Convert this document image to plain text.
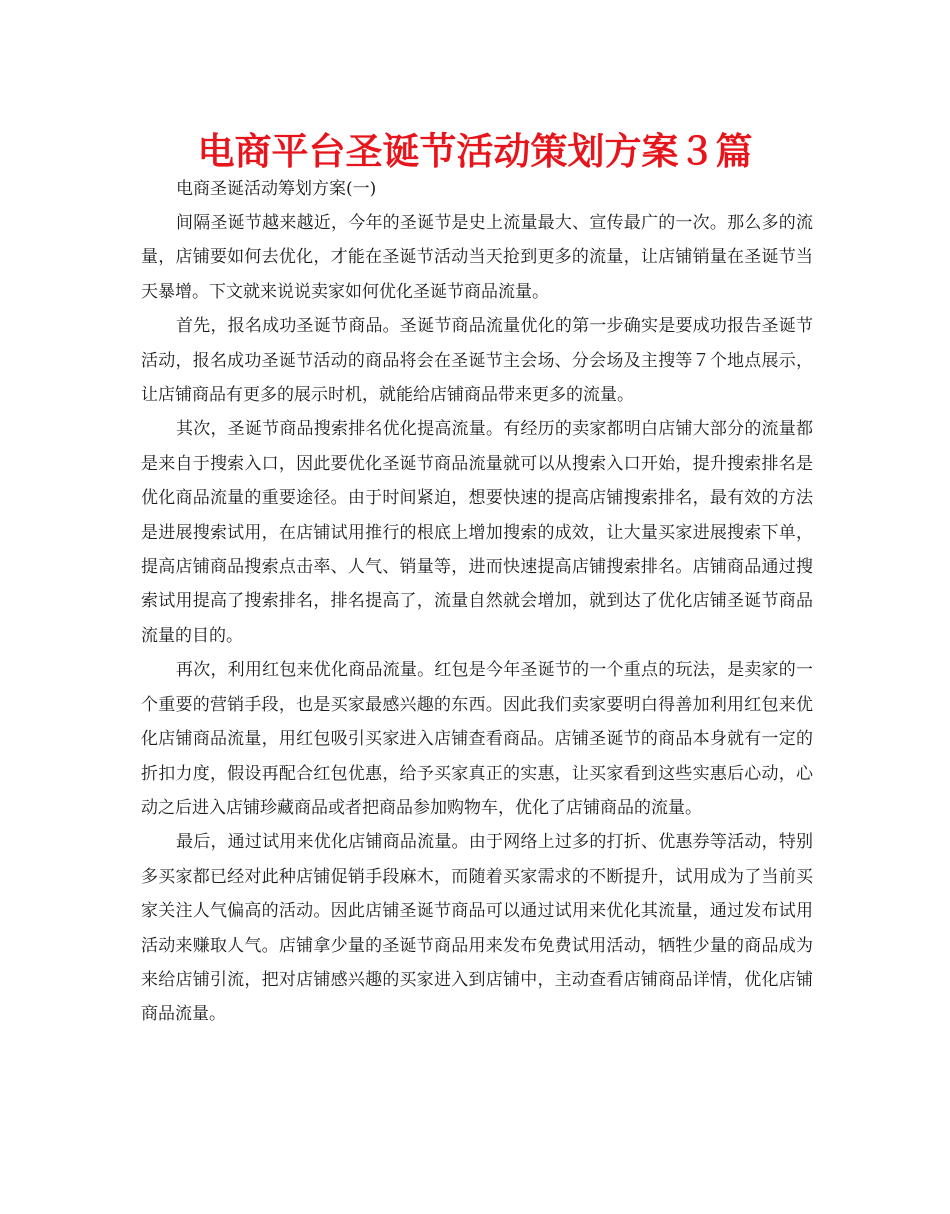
电商平台圣诞节活动策划方案３篇

电商圣诞活动筹划方案(一)

间隔圣诞节越来越近，今年的圣诞节是史上流量最大、宣传最广的一次。那么多的流量，店铺要如何去优化，才能在圣诞节活动当天抢到更多的流量，让店铺销量在圣诞节当天暴增。下文就来说说卖家如何优化圣诞节商品流量。

首先，报名成功圣诞节商品。圣诞节商品流量优化的第一步确实是要成功报告圣诞节活动，报名成功圣诞节活动的商品将会在圣诞节主会场、分会场及主搜等７个地点展示，让店铺商品有更多的展示时机，就能给店铺商品带来更多的流量。

其次，圣诞节商品搜索排名优化提高流量。有经历的卖家都明白店铺大部分的流量都是来自于搜索入口，因此要优化圣诞节商品流量就可以从搜索入口开始，提升搜索排名是优化商品流量的重要途径。由于时间紧迫，想要快速的提高店铺搜索排名，最有效的方法是进展搜索试用，在店铺试用推行的根底上增加搜索的成效，让大量买家进展搜索下单，提高店铺商品搜索点击率、人气、销量等，进而快速提高店铺搜索排名。店铺商品通过搜索试用提高了搜索排名，排名提高了，流量自然就会增加，就到达了优化店铺圣诞节商品流量的目的。

再次，利用红包来优化商品流量。红包是今年圣诞节的一个重点的玩法，是卖家的一个重要的营销手段，也是买家最感兴趣的东西。因此我们卖家要明白得善加利用红包来优化店铺商品流量，用红包吸引买家进入店铺查看商品。店铺圣诞节的商品本身就有一定的折扣力度，假设再配合红包优惠，给予买家真正的实惠，让买家看到这些实惠后心动，心动之后进入店铺珍藏商品或者把商品参加购物车，优化了店铺商品的流量。

最后，通过试用来优化店铺商品流量。由于网络上过多的打折、优惠券等活动，特别多买家都已经对此种店铺促销手段麻木，而随着买家需求的不断提升，试用成为了当前买家关注人气偏高的活动。因此店铺圣诞节商品可以通过试用来优化其流量，通过发布试用活动来赚取人气。店铺拿少量的圣诞节商品用来发布免费试用活动，牺牲少量的商品成为来给店铺引流，把对店铺感兴趣的买家进入到店铺中，主动查看店铺商品详情，优化店铺商品流量。
